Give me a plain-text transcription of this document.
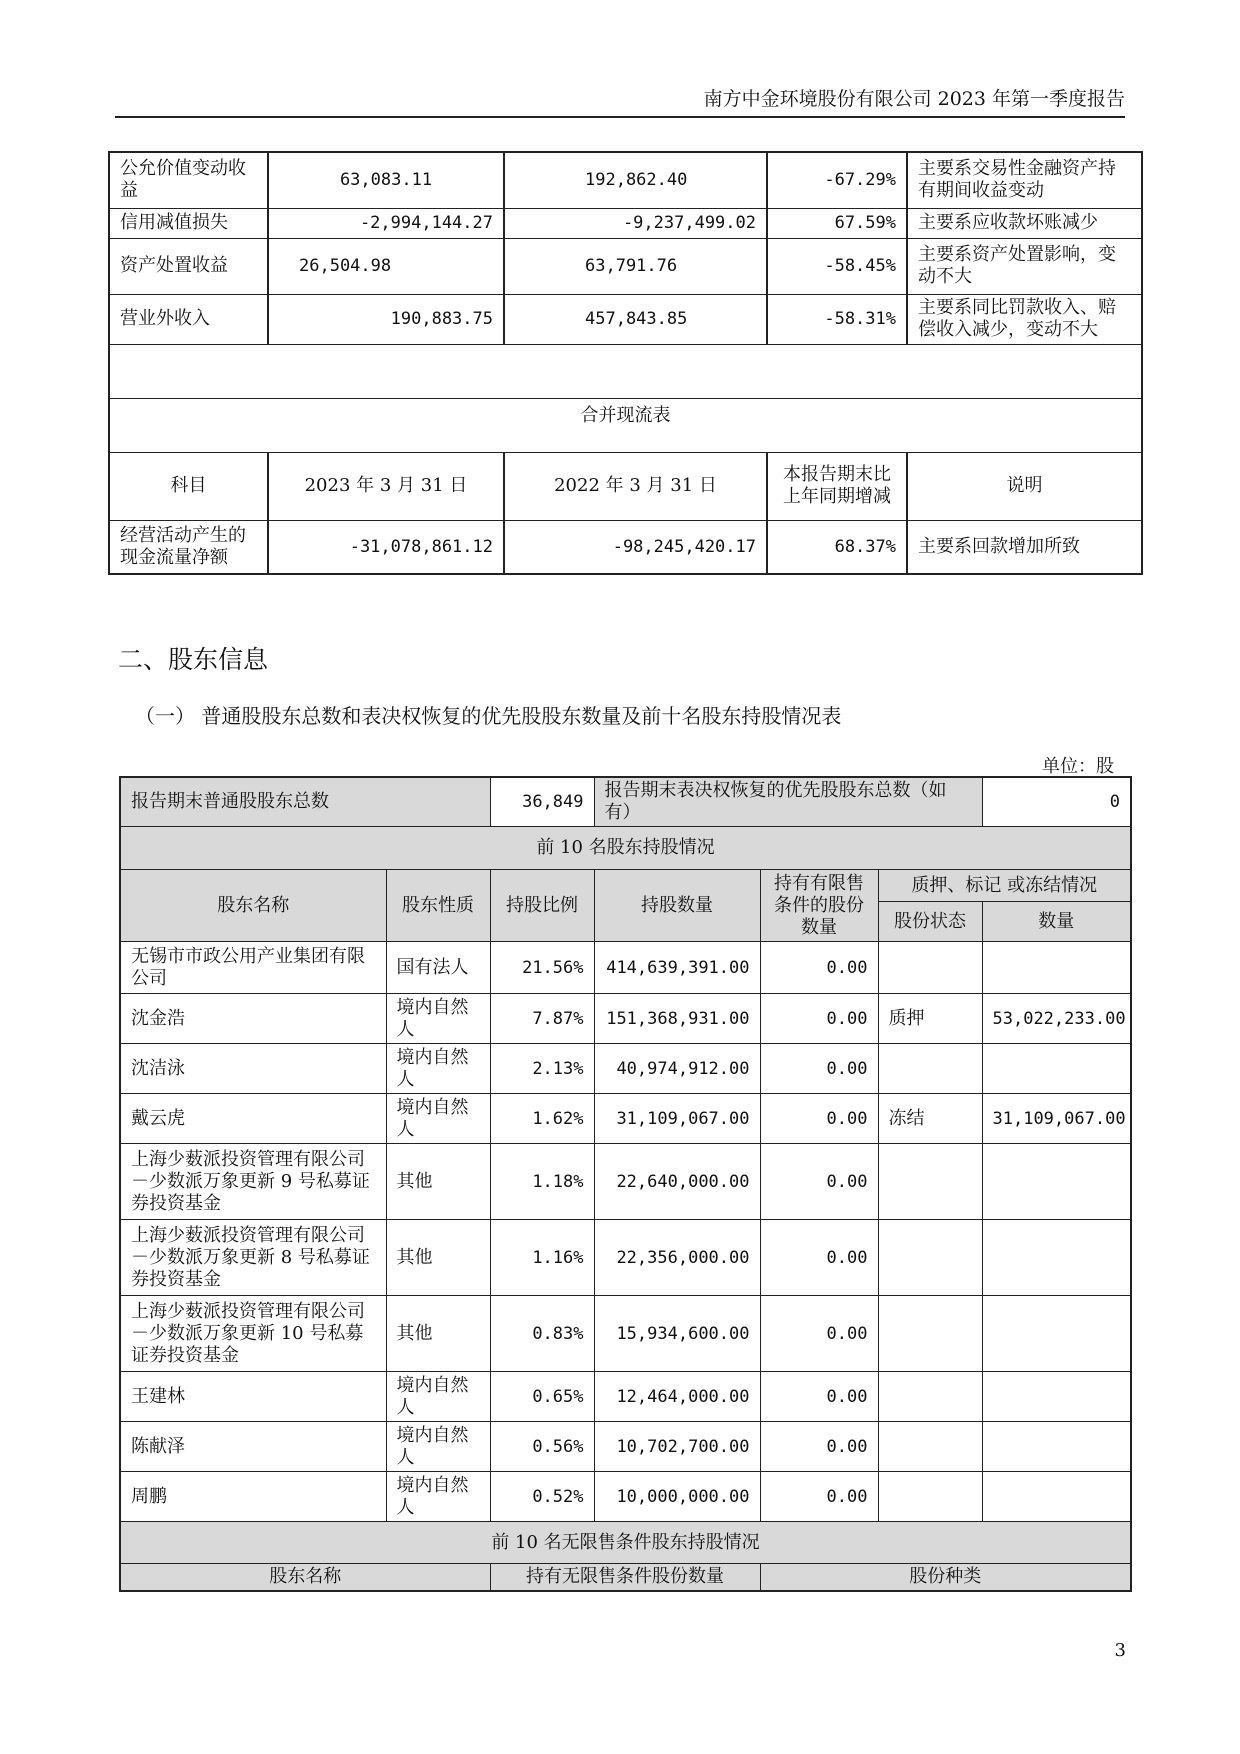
南方中金环境股份有限公司 2023 年第一季度报告
公允价值变动收益	63,083.11	192,862.40	-67.29%	主要系交易性金融资产持有期间收益变动
信用减值损失	-2,994,144.27	-9,237,499.02	67.59%	主要系应收款坏账减少
资产处置收益	26,504.98	63,791.76	-58.45%	主要系资产处置影响，变动不大
营业外收入	190,883.75	457,843.85	-58.31%	主要系同比罚款收入、赔偿收入减少，变动不大

合并现流表				
科目	2023 年 3 月 31 日	2022 年 3 月 31 日	本报告期末比上年同期增减	说明
经营活动产生的现金流量净额	-31,078,861.12	-98,245,420.17	68.37%	主要系回款增加所致
二、股东信息
（一） 普通股股东总数和表决权恢复的优先股股东数量及前十名股东持股情况表
单位：股
报告期末普通股股东总数		36,849	报告期末表决权恢复的优先股股东总数（如有）			0
前 10 名股东持股情况						
股东名称	股东性质	持股比例	持股数量	持有有限售条件的股份数量	质押、标记 或冻结情况	
					股份状态	数量
无锡市市政公用产业集团有限公司	国有法人	21.56%	414,639,391.00	0.00		
沈金浩	境内自然人	7.87%	151,368,931.00	0.00	质押	53,022,233.00
沈洁泳	境内自然人	2.13%	40,974,912.00	0.00		
戴云虎	境内自然人	1.62%	31,109,067.00	0.00	冻结	31,109,067.00
上海少薮派投资管理有限公司－少数派万象更新 9 号私募证券投资基金	其他	1.18%	22,640,000.00	0.00		
上海少薮派投资管理有限公司－少数派万象更新 8 号私募证券投资基金	其他	1.16%	22,356,000.00	0.00		
上海少薮派投资管理有限公司－少数派万象更新 10 号私募证券投资基金	其他	0.83%	15,934,600.00	0.00		
王建林	境内自然人	0.65%	12,464,000.00	0.00		
陈献泽	境内自然人	0.56%	10,702,700.00	0.00		
周鹏	境内自然人	0.52%	10,000,000.00	0.00		
前 10 名无限售条件股东持股情况						
股东名称		持有无限售条件股份数量		股份种类		
3
